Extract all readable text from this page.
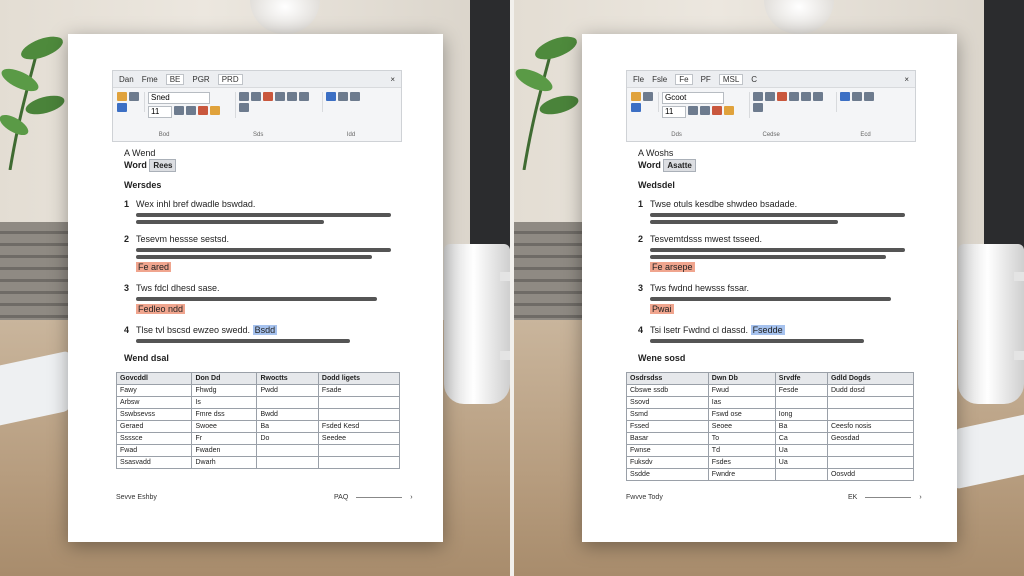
Dan Fme	BE	PGR	PRD	×
Sned
11
Bod	Sds	Idd
A Wend
Word Rees
Wersdes
1 Wex inhl bref dwadle bswdad.
2 Tesevm hessse sestsd.
Fe ared
3 Tws fdcl dhesd sase.
Fedleo ndd
4 Tlse tvl bscsd ewzeo swedd. Bsdd
Wend dsal
Govcddl	Don Dd	Rwoctts	Dodd ligets
Fawy	Fhwdg	Pwdd	Fsade
Arbsw	Is		
Sswbsevss	Fmre dss	Bwdd	
Geraed	Swoee	Ba	Fsded Kesd
Ssssce	Fr	Do	Seedee
Fwad	Fwaden		
Ssasvadd	Dwarh		
Sevve Eshby	PAQ	›
Fle Fsle	Fe	PF	MSL	C	×
Gcoot
11
Dds	Cedse	Ecd
A Woshs
Word Asatte
Wedsdel
1 Twse otuls kesdbe shwdeo bsadade.
2 Tesvemtdsss mwest tsseed.
Fe arsepe
3 Tws fwdnd hewsss fssar.
Pwai
4 Tsi lsetr Fwdnd cl dassd. Fsedde
Wene sosd
Osdrsdss	Dwn Db	Srvdfe	Gdld Dogds
Cbswe ssdb	Fwud	Fesde	Dudd dosd
Ssovd	Ias		
Ssmd	Fswd ose	Iong	
Fssed	Seoee	Ba	Ceesfo nosis
Basar	To	Ca	Geosdad
Fwnse	Td	Ua	
Fuksdv	Fsdes	Ua	
Ssdde	Fwndre		Oosvdd
Fwvve Tody	EK	›
